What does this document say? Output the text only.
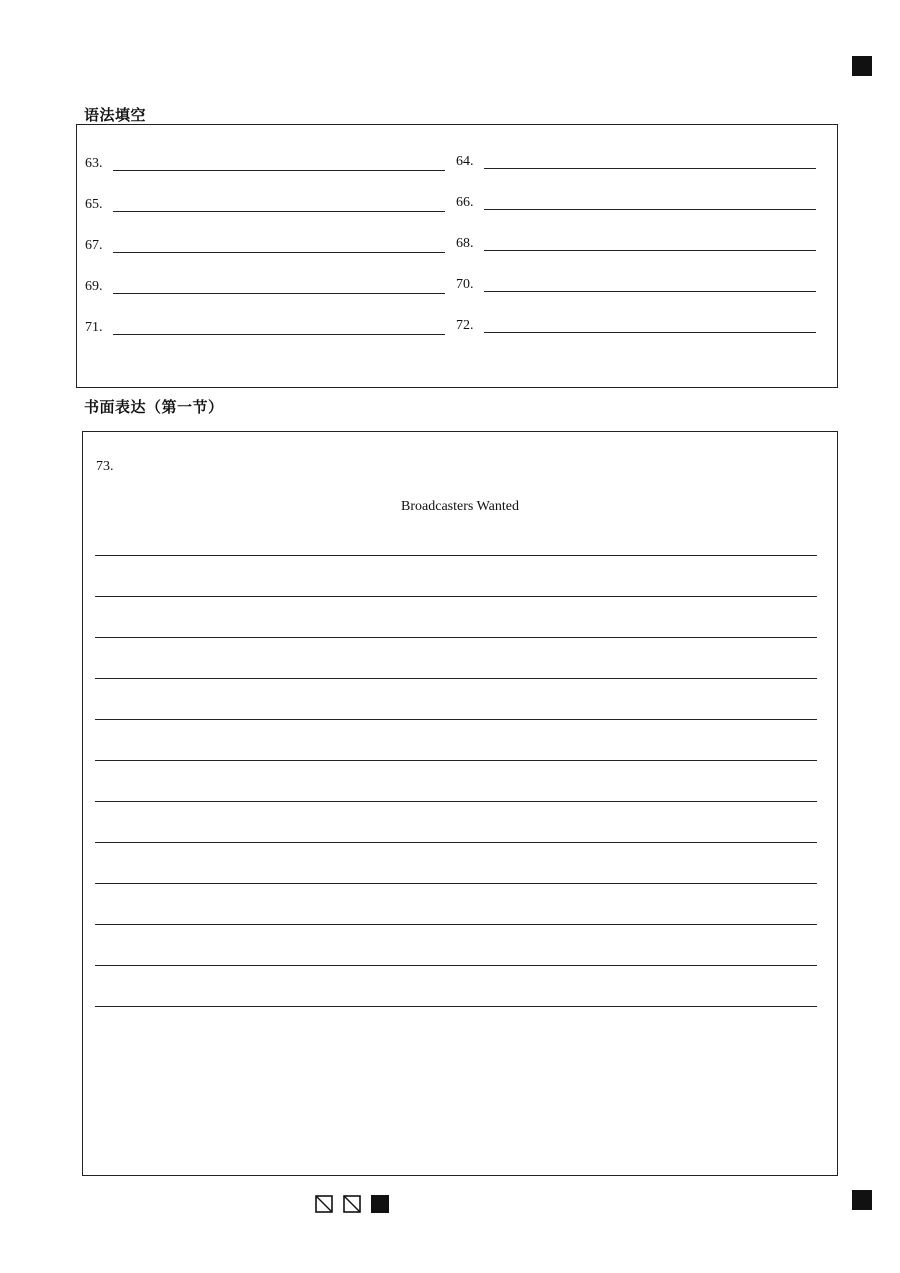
语法填空
63.
65.
67.
69.
71.
64.
66.
68.
70.
72.
书面表达（第一节）
73.
Broadcasters Wanted
